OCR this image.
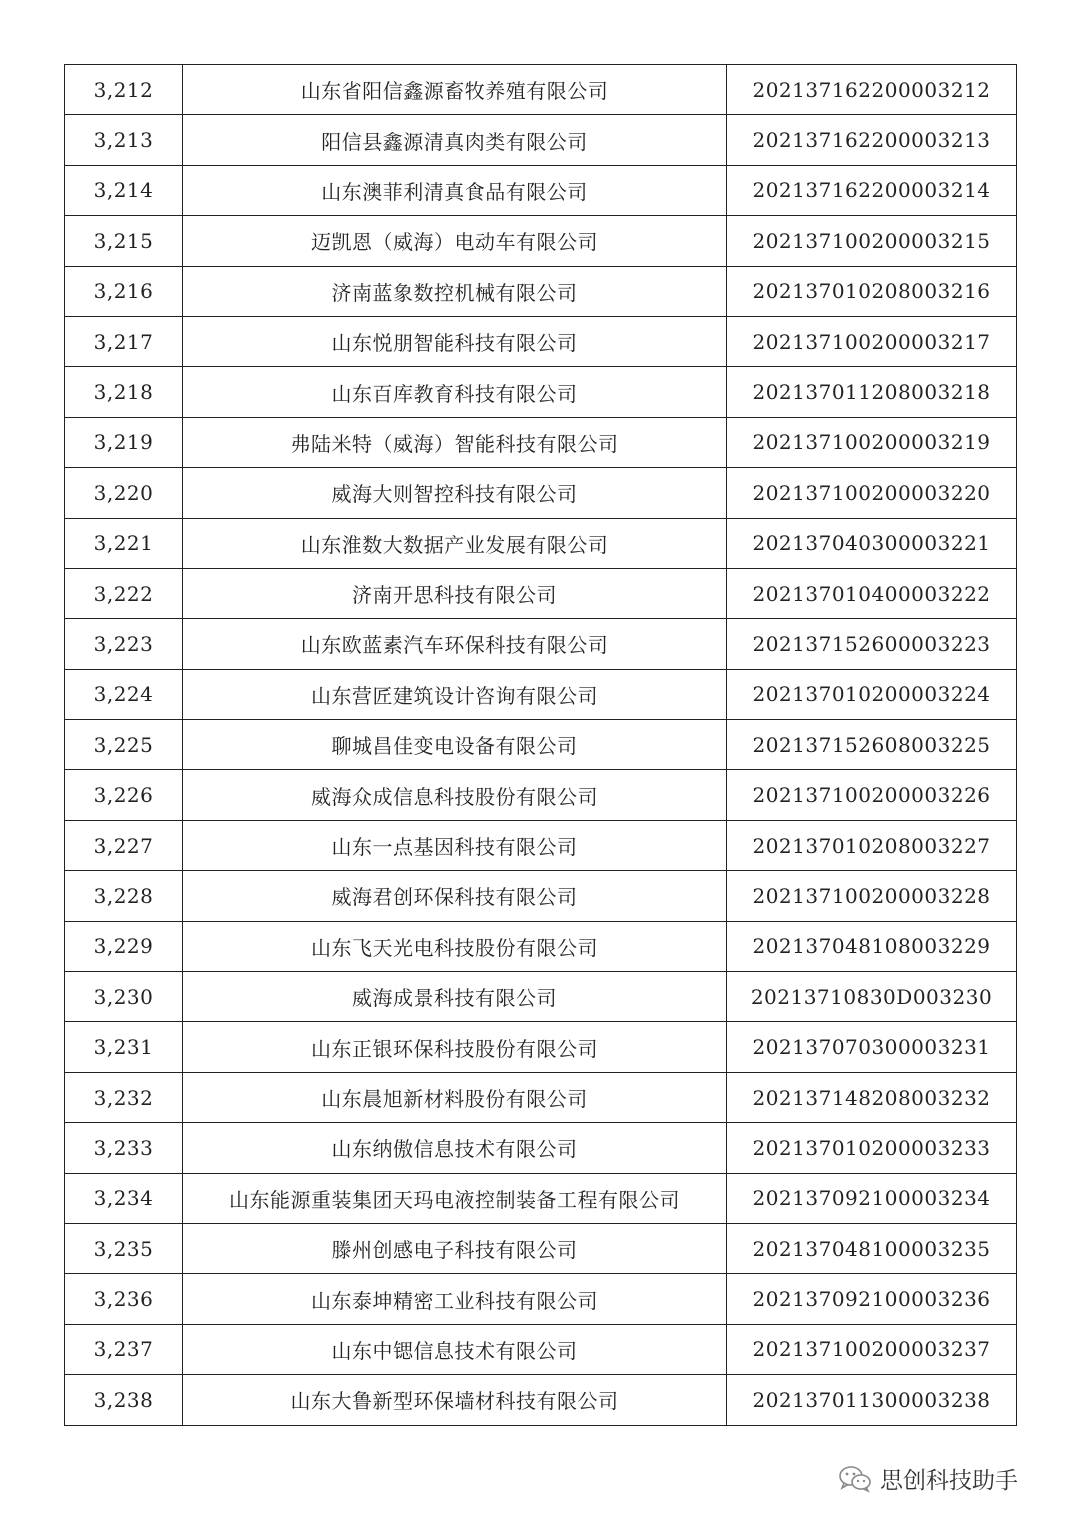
3,212	山东省阳信鑫源畜牧养殖有限公司	202137162200003212
3,213	阳信县鑫源清真肉类有限公司	202137162200003213
3,214	山东澳菲利清真食品有限公司	202137162200003214
3,215	迈凯恩（威海）电动车有限公司	202137100200003215
3,216	济南蓝象数控机械有限公司	202137010208003216
3,217	山东悦朋智能科技有限公司	202137100200003217
3,218	山东百库教育科技有限公司	202137011208003218
3,219	弗陆米特（威海）智能科技有限公司	202137100200003219
3,220	威海大则智控科技有限公司	202137100200003220
3,221	山东淮数大数据产业发展有限公司	202137040300003221
3,222	济南开思科技有限公司	202137010400003222
3,223	山东欧蓝素汽车环保科技有限公司	202137152600003223
3,224	山东营匠建筑设计咨询有限公司	202137010200003224
3,225	聊城昌佳变电设备有限公司	202137152608003225
3,226	威海众成信息科技股份有限公司	202137100200003226
3,227	山东一点基因科技有限公司	202137010208003227
3,228	威海君创环保科技有限公司	202137100200003228
3,229	山东飞天光电科技股份有限公司	202137048108003229
3,230	威海成景科技有限公司	20213710830D003230
3,231	山东正银环保科技股份有限公司	202137070300003231
3,232	山东晨旭新材料股份有限公司	202137148208003232
3,233	山东纳傲信息技术有限公司	202137010200003233
3,234	山东能源重装集团天玛电液控制装备工程有限公司	202137092100003234
3,235	滕州创感电子科技有限公司	202137048100003235
3,236	山东泰坤精密工业科技有限公司	202137092100003236
3,237	山东中锶信息技术有限公司	202137100200003237
3,238	山东大鲁新型环保墙材科技有限公司	202137011300003238
思创科技助手
